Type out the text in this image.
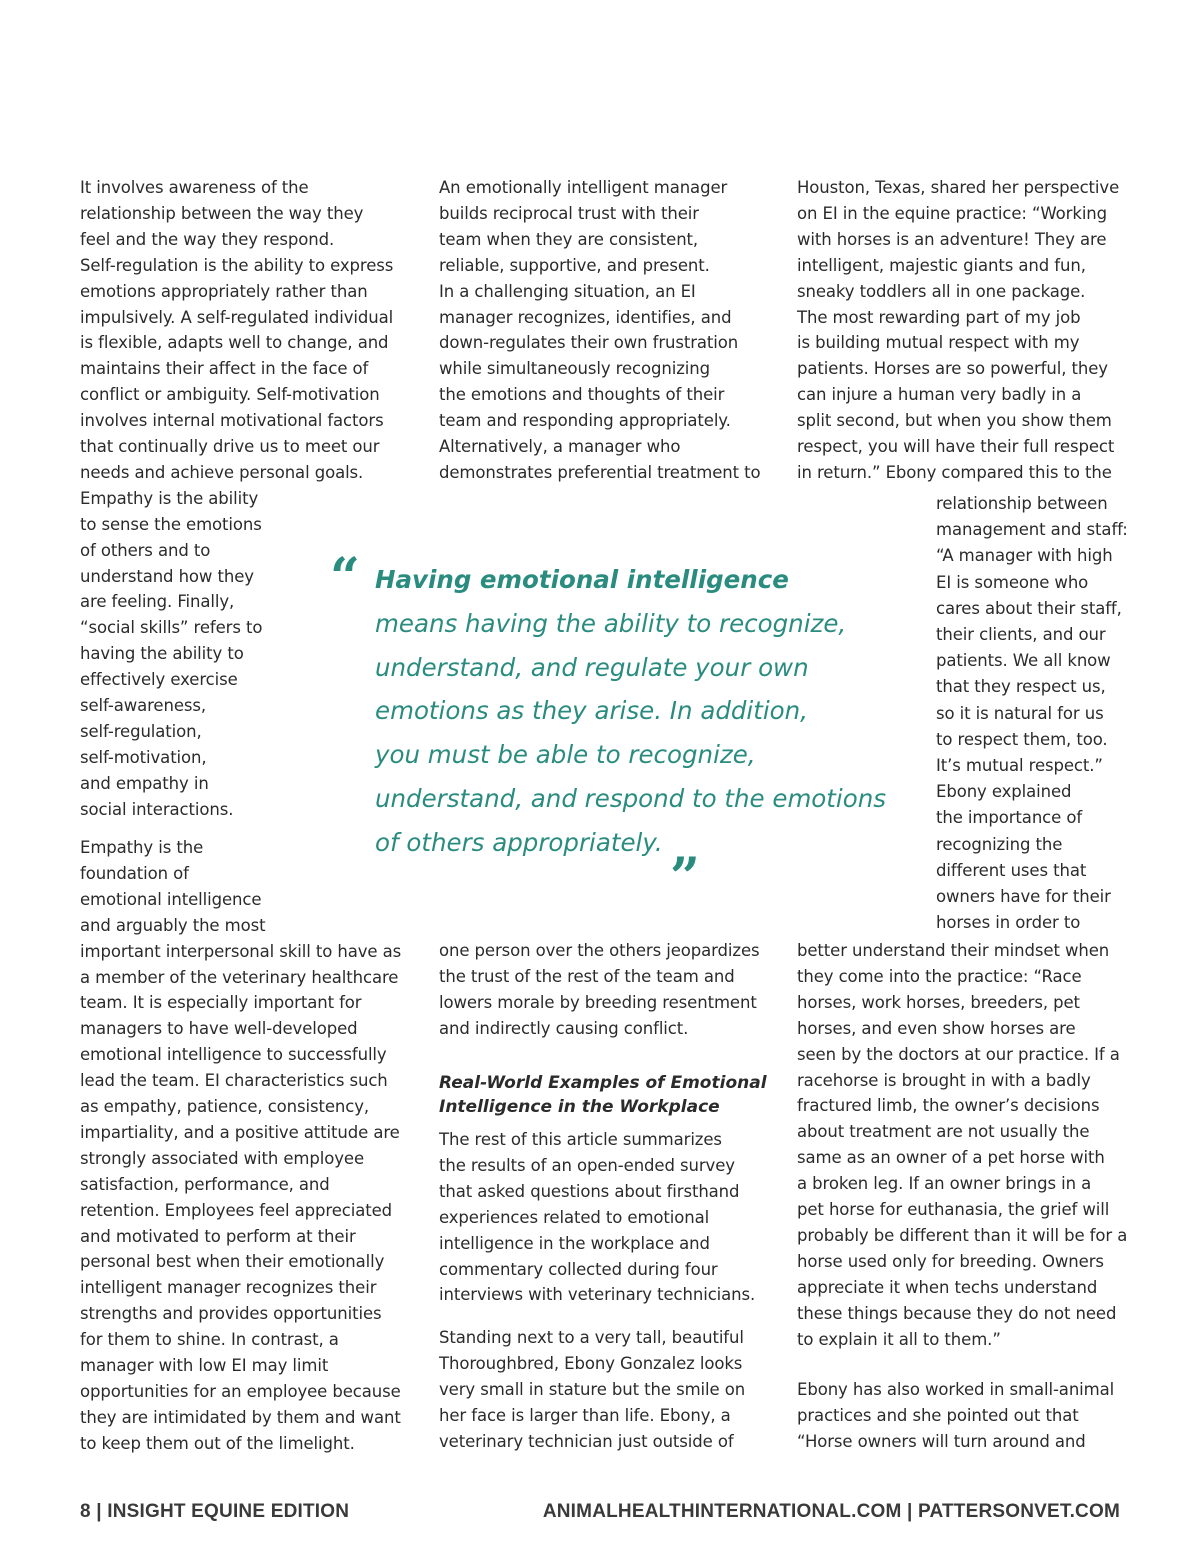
It involves awareness of the
relationship between the way they
feel and the way they respond.
Self-regulation is the ability to express
emotions appropriately rather than
impulsively. A self-regulated individual
is flexible, adapts well to change, and
maintains their affect in the face of
conflict or ambiguity. Self-motivation
involves internal motivational factors
that continually drive us to meet our
needs and achieve personal goals.
Empathy is the ability
to sense the emotions
of others and to
understand how they
are feeling. Finally,
“social skills” refers to
having the ability to
effectively exercise
self-awareness,
self-regulation,
self-motivation,
and empathy in
social interactions.
Empathy is the
foundation of
emotional intelligence
and arguably the most
important interpersonal skill to have as
a member of the veterinary healthcare
team. It is especially important for
managers to have well-developed
emotional intelligence to successfully
lead the team. EI characteristics such
as empathy, patience, consistency,
impartiality, and a positive attitude are
strongly associated with employee
satisfaction, performance, and
retention. Employees feel appreciated
and motivated to perform at their
personal best when their emotionally
intelligent manager recognizes their
strengths and provides opportunities
for them to shine. In contrast, a
manager with low EI may limit
opportunities for an employee because
they are intimidated by them and want
to keep them out of the limelight.
An emotionally intelligent manager
builds reciprocal trust with their
team when they are consistent,
reliable, supportive, and present.
In a challenging situation, an EI
manager recognizes, identifies, and
down-regulates their own frustration
while simultaneously recognizing
the emotions and thoughts of their
team and responding appropriately.
Alternatively, a manager who
demonstrates preferential treatment to
one person over the others jeopardizes
the trust of the rest of the team and
lowers morale by breeding resentment
and indirectly causing conflict.
Real-World Examples of Emotional
Intelligence in the Workplace
The rest of this article summarizes
the results of an open-ended survey
that asked questions about firsthand
experiences related to emotional
intelligence in the workplace and
commentary collected during four
interviews with veterinary technicians.
Standing next to a very tall, beautiful
Thoroughbred, Ebony Gonzalez looks
very small in stature but the smile on
her face is larger than life. Ebony, a
veterinary technician just outside of
Houston, Texas, shared her perspective
on EI in the equine practice: “Working
with horses is an adventure! They are
intelligent, majestic giants and fun,
sneaky toddlers all in one package.
The most rewarding part of my job
is building mutual respect with my
patients. Horses are so powerful, they
can injure a human very badly in a
split second, but when you show them
respect, you will have their full respect
in return.” Ebony compared this to the
relationship between
management and staff:
“A manager with high
EI is someone who
cares about their staff,
their clients, and our
patients. We all know
that they respect us,
so it is natural for us
to respect them, too.
It’s mutual respect.”
Ebony explained
the importance of
recognizing the
different uses that
owners have for their
horses in order to
better understand their mindset when
they come into the practice: “Race
horses, work horses, breeders, pet
horses, and even show horses are
seen by the doctors at our practice. If a
racehorse is brought in with a badly
fractured limb, the owner’s decisions
about treatment are not usually the
same as an owner of a pet horse with
a broken leg. If an owner brings in a
pet horse for euthanasia, the grief will
probably be different than it will be for a
horse used only for breeding. Owners
appreciate it when techs understand
these things because they do not need
to explain it all to them.”
Ebony has also worked in small-animal
practices and she pointed out that
“Horse owners will turn around and
“ Having emotional intelligence
means having the ability to recognize,
understand, and regulate your own
emotions as they arise. In addition,
you must be able to recognize,
understand, and respond to the emotions
of others appropriately.
”
8 | INSIGHT EQUINE EDITION	ANIMALHEALTHINTERNATIONAL.COM | PATTERSONVET.COM
